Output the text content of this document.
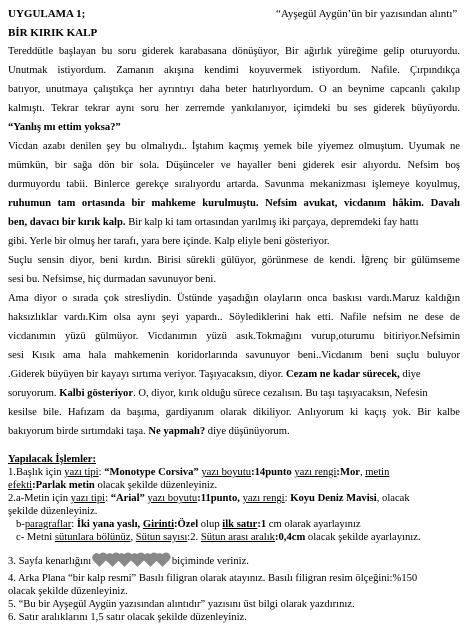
UYGULAMA 1;	“Ayşegül Aygün’ün bir yazısından alıntı”
BİR KIRIK KALP
Tereddütle başlayan bu soru giderek karabasana dönüşüyor, Bir ağırlık yüreğime gelip oturuyordu.
Unutmak istiyordum. Zamanın akışına kendimi koyuvermek istiyordum. Nafile. Çırpındıkça
batıyor, unutmaya çalıştıkça her ayrıntıyı daha beter hatırlıyordum. O an beynime capcanlı çakılıp
kalmıştı. Tekrar tekrar aynı soru her zerremde yankılanıyor, içimdeki bu ses giderek büyüyordu.
“Yanlış mı ettim yoksa?”
Vicdan azabı denilen şey bu olmalıydı.. İştahım kaçmış yemek bile yiyemez olmuştum. Uyumak ne
mümkün, bir sağa dön bir sola. Düşünceler ve hayaller beni giderek esir alıyordu. Nefsim boş
durmuyordu tabii. Binlerce gerekçe sıralıyordu artarda. Savunma mekanizması işlemeye koyulmuş,
ruhumun tam ortasında bir mahkeme kurulmuştu. Nefsim avukat, vicdanım hâkim. Davalı
ben, davacı bir kırık kalp. Bir kalp ki tam ortasından yarılmış iki parçaya, depremdeki fay hattı
gibi. Yerle bir olmuş her tarafı, yara bere içinde. Kalp eliyle beni gösteriyor.
Suçlu sensin diyor, beni kırdın. Birisi sürekli gülüyor, görünmese de kendi. İğrenç bir gülümseme
sesi bu. Nefsimse, hiç durmadan savunuyor beni.
Ama diyor o sırada çok stresliydin. Üstünde yaşadığın olayların onca baskısı vardı.Maruz kaldığın
haksızlıklar vardı.Kim olsa aynı şeyi yapardı.. Söylediklerini hak etti. Nafile nefsim ne dese de
vicdanımın yüzü gülmüyor. Vicdanımın yüzü asık.Tokmağını vurup,oturumu bitiriyor.Nefsimin
sesi Kısık ama hala mahkemenin koridorlarında savunuyor beni..Vicdanım beni suçlu buluyor
.Giderek büyüyen bir kayayı sırtıma veriyor. Taşıyacaksın, diyor. Cezam ne kadar sürecek, diye
soruyorum. Kalbi gösteriyor. O, diyor, kırık olduğu sürece cezalısın. Bu taşı taşıyacaksın, Nefesin
kesilse bile. Hafızam da başıma, gardiyanım olarak dikiliyor. Anlıyorum ki kaçış yok. Bir kalbe
bakıyorum birde sırtımdaki taşa. Ne yapmalı? diye düşünüyorum.
Yapılacak İşlemler:
1.Başlık için yazı tipi: “Monotype Corsiva” yazı boyutu:14punto yazı rengi:Mor, metin
efekti:Parlak metin olacak şekilde düzenleyiniz.
2.a-Metin için yazı tipi: “Arial” yazı boyutu:11punto, yazı rengi: Koyu Deniz Mavisi, olacak
şekilde düzenleyiniz.
b-paragraflar: İki yana yaslı, Girinti:Özel olup ilk satır:1 cm olarak ayarlayınız
c- Metni sütunlara bölünüz, Sütun sayısı:2. Sütun arası aralık:0,4cm olacak şekilde ayarlayınız.
3. Sayfa kenarlığını	biçiminde veriniz.
4. Arka Plana “bir kalp resmi” Basılı filigran olarak atayınız. Basılı filigran resim ölçeğini:%150
olacak şekilde düzenleyiniz.
5. “Bu bir Ayşegül Aygün yazısından alıntıdır” yazısını üst bilgi olarak yazdırınız.
6. Satır aralıklarını 1,5 satır olacak şekilde düzenleyiniz.
